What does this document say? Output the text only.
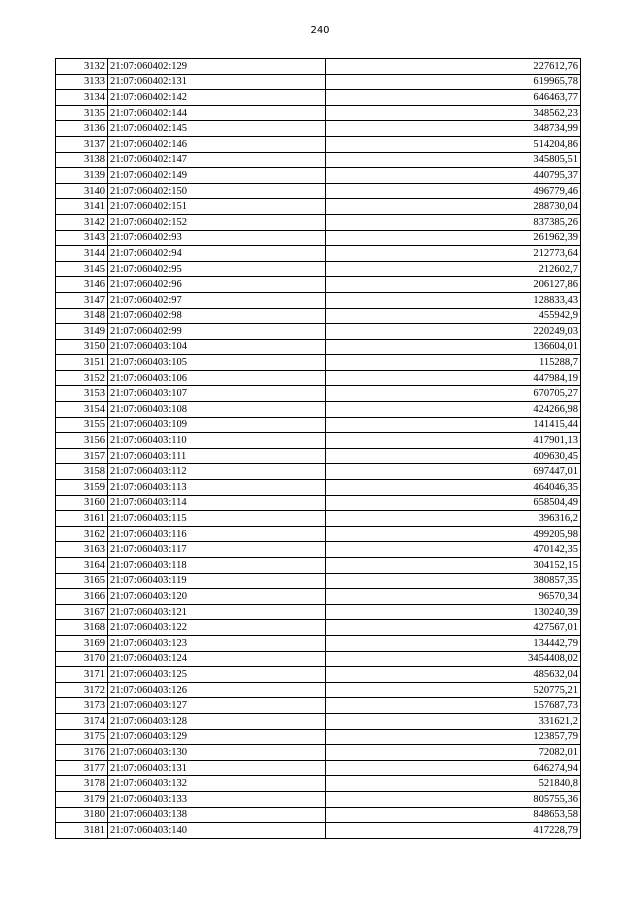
240
3132	21:07:060402:129	227612,76
3133	21:07:060402:131	619965,78
3134	21:07:060402:142	646463,77
3135	21:07:060402:144	348562,23
3136	21:07:060402:145	348734,99
3137	21:07:060402:146	514204,86
3138	21:07:060402:147	345805,51
3139	21:07:060402:149	440795,37
3140	21:07:060402:150	496779,46
3141	21:07:060402:151	288730,04
3142	21:07:060402:152	837385,26
3143	21:07:060402:93	261962,39
3144	21:07:060402:94	212773,64
3145	21:07:060402:95	212602,7
3146	21:07:060402:96	206127,86
3147	21:07:060402:97	128833,43
3148	21:07:060402:98	455942,9
3149	21:07:060402:99	220249,03
3150	21:07:060403:104	136604,01
3151	21:07:060403:105	115288,7
3152	21:07:060403:106	447984,19
3153	21:07:060403:107	670705,27
3154	21:07:060403:108	424266,98
3155	21:07:060403:109	141415,44
3156	21:07:060403:110	417901,13
3157	21:07:060403:111	409630,45
3158	21:07:060403:112	697447,01
3159	21:07:060403:113	464046,35
3160	21:07:060403:114	658504,49
3161	21:07:060403:115	396316,2
3162	21:07:060403:116	499205,98
3163	21:07:060403:117	470142,35
3164	21:07:060403:118	304152,15
3165	21:07:060403:119	380857,35
3166	21:07:060403:120	96570,34
3167	21:07:060403:121	130240,39
3168	21:07:060403:122	427567,01
3169	21:07:060403:123	134442,79
3170	21:07:060403:124	3454408,02
3171	21:07:060403:125	485632,04
3172	21:07:060403:126	520775,21
3173	21:07:060403:127	157687,73
3174	21:07:060403:128	331621,2
3175	21:07:060403:129	123857,79
3176	21:07:060403:130	72082,01
3177	21:07:060403:131	646274,94
3178	21:07:060403:132	521840,8
3179	21:07:060403:133	805755,36
3180	21:07:060403:138	848653,58
3181	21:07:060403:140	417228,79
